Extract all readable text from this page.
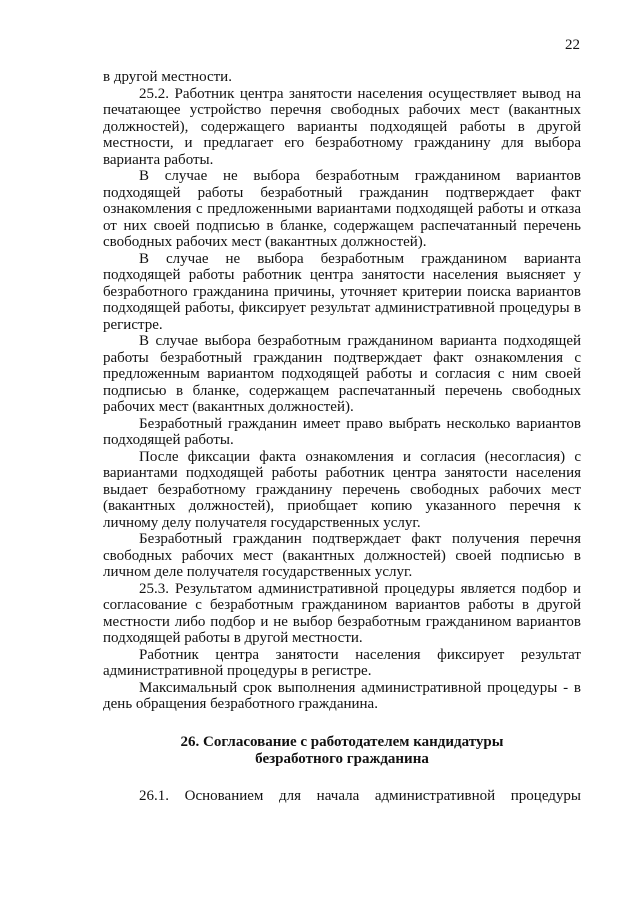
22

в другой местности.

25.2. Работник центра занятости населения осуществляет вывод на печатающее устройство перечня свободных рабочих мест (вакантных должностей), содержащего варианты подходящей работы в другой местности, и предлагает его безработному гражданину для выбора варианта работы.

В случае не выбора безработным гражданином вариантов подходящей работы безработный гражданин подтверждает факт ознакомления с предложенными вариантами подходящей работы и отказа от них своей подписью в бланке, содержащем распечатанный перечень свободных рабочих мест (вакантных должностей).

В случае не выбора безработным гражданином варианта подходящей работы работник центра занятости населения выясняет у безработного гражданина причины, уточняет критерии поиска вариантов подходящей работы, фиксирует результат административной процедуры в регистре.

В случае выбора безработным гражданином варианта подходящей работы безработный гражданин подтверждает факт ознакомления с предложенным вариантом подходящей работы и согласия с ним своей подписью в бланке, содержащем распечатанный перечень свободных рабочих мест (вакантных должностей).

Безработный гражданин имеет право выбрать несколько вариантов подходящей работы.

После фиксации факта ознакомления и согласия (несогласия) с вариантами подходящей работы работник центра занятости населения выдает безработному гражданину перечень свободных рабочих мест (вакантных должностей), приобщает копию указанного перечня к личному делу получателя государственных услуг.

Безработный гражданин подтверждает факт получения перечня свободных рабочих мест (вакантных должностей) своей подписью в личном деле получателя государственных услуг.

25.3. Результатом административной процедуры является подбор и согласование с безработным гражданином вариантов работы в другой местности либо подбор и не выбор безработным гражданином вариантов подходящей работы в другой местности.

Работник центра занятости населения фиксирует результат административной процедуры в регистре.

Максимальный срок выполнения административной процедуры - в день обращения безработного гражданина.

26. Согласование с работодателем кандидатуры
безработного гражданина

26.1. Основанием для начала административной процедуры
